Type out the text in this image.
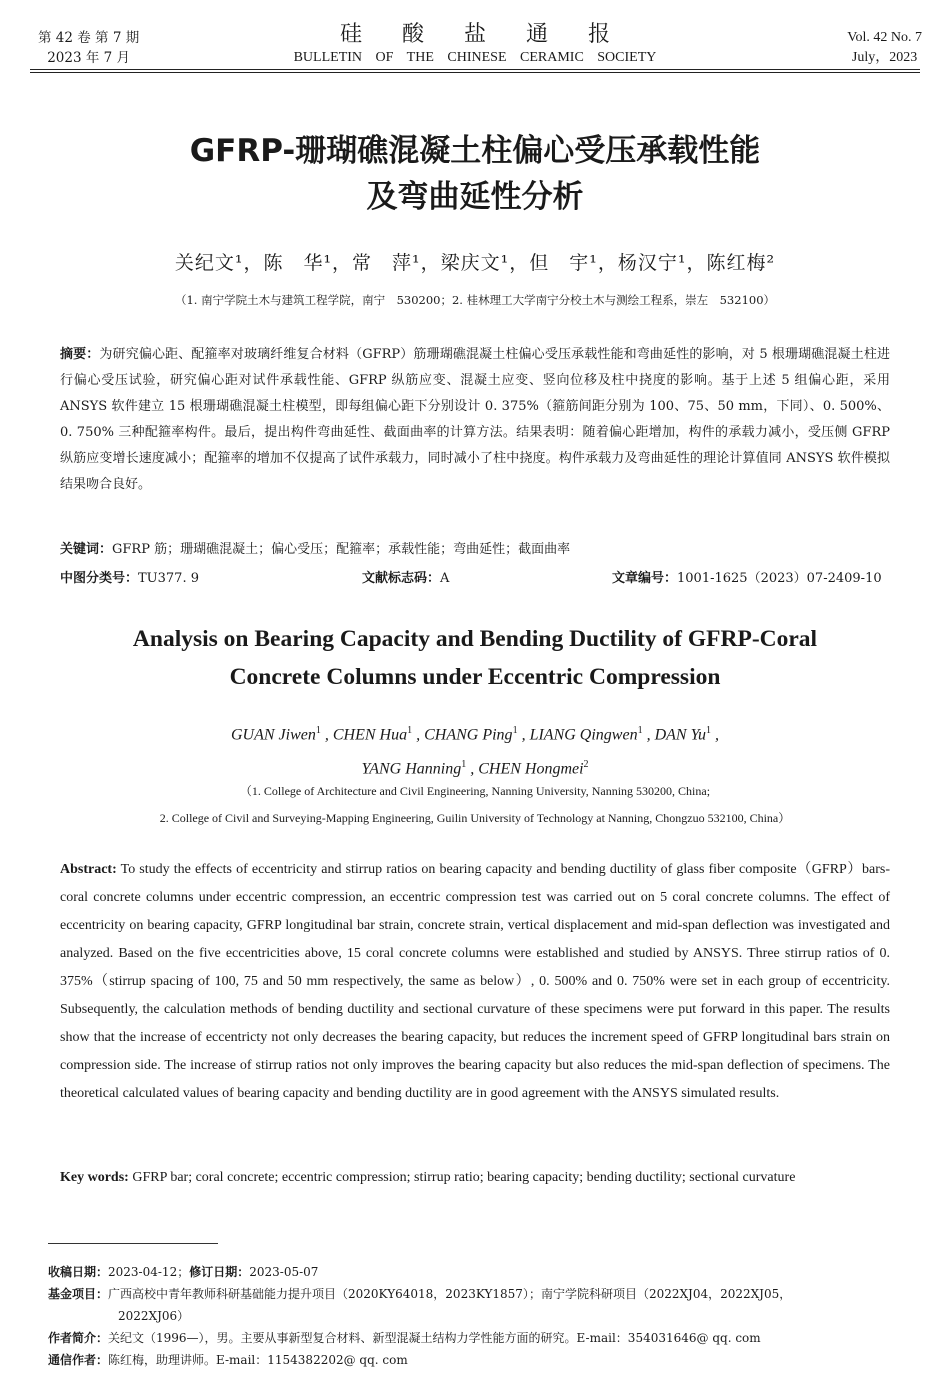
第 42 卷 第 7 期
2023 年 7 月
硅酸盐通报
BULLETIN OF THE CHINESE CERAMIC SOCIETY
Vol. 42 No. 7
July，2023
GFRP-珊瑚礁混凝土柱偏心受压承载性能
及弯曲延性分析
关纪文¹，陈　华¹，常　萍¹，梁庆文¹，但　宇¹，杨汉宁¹，陈红梅²
（1. 南宁学院土木与建筑工程学院，南宁　530200；2. 桂林理工大学南宁分校土木与测绘工程系，崇左　532100）
摘要：为研究偏心距、配箍率对玻璃纤维复合材料（GFRP）筋珊瑚礁混凝土柱偏心受压承载性能和弯曲延性的影响，对 5 根珊瑚礁混凝土柱进行偏心受压试验，研究偏心距对试件承载性能、GFRP 纵筋应变、混凝土应变、竖向位移及柱中挠度的影响。基于上述 5 组偏心距，采用 ANSYS 软件建立 15 根珊瑚礁混凝土柱模型，即每组偏心距下分别设计 0. 375%（箍筋间距分别为 100、75、50 mm，下同）、0. 500%、0. 750% 三种配箍率构件。最后，提出构件弯曲延性、截面曲率的计算方法。结果表明：随着偏心距增加，构件的承载力减小，受压侧 GFRP 纵筋应变增长速度减小；配箍率的增加不仅提高了试件承载力，同时减小了柱中挠度。构件承载力及弯曲延性的理论计算值同 ANSYS 软件模拟结果吻合良好。
关键词：GFRP 筋；珊瑚礁混凝土；偏心受压；配箍率；承载性能；弯曲延性；截面曲率
中图分类号：TU377. 9	文献标志码：A	文章编号：1001-1625（2023）07-2409-10
Analysis on Bearing Capacity and Bending Ductility of GFRP-Coral
Concrete Columns under Eccentric Compression
GUAN Jiwen$^1$ , CHEN Hua$^1$ , CHANG Ping$^1$ , LIANG Qingwen$^1$ , DAN Yu$^1$ ,
YANG Hanning$^1$ , CHEN Hongmei$^2$
（1. College of Architecture and Civil Engineering, Nanning University, Nanning 530200, China;
2. College of Civil and Surveying-Mapping Engineering, Guilin University of Technology at Nanning, Chongzuo 532100, China）
Abstract: To study the effects of eccentricity and stirrup ratios on bearing capacity and bending ductility of glass fiber composite（GFRP）bars-coral concrete columns under eccentric compression, an eccentric compression test was carried out on 5 coral concrete columns. The effect of eccentricity on bearing capacity, GFRP longitudinal bar strain, concrete strain, vertical displacement and mid-span deflection was investigated and analyzed. Based on the five eccentricities above, 15 coral concrete columns were established and studied by ANSYS. Three stirrup ratios of 0. 375%（stirrup spacing of 100, 75 and 50 mm respectively, the same as below）, 0. 500% and 0. 750% were set in each group of eccentricity. Subsequently, the calculation methods of bending ductility and sectional curvature of these specimens were put forward in this paper. The results show that the increase of eccentricty not only decreases the bearing capacity, but reduces the increment speed of GFRP longitudinal bars strain on compression side. The increase of stirrup ratios not only improves the bearing capacity but also reduces the mid-span deflection of specimens. The theoretical calculated values of bearing capacity and bending ductility are in good agreement with the ANSYS simulated results.
Key words: GFRP bar; coral concrete; eccentric compression; stirrup ratio; bearing capacity; bending ductility; sectional curvature
收稿日期：2023-04-12；修订日期：2023-05-07
基金项目：广西高校中青年教师科研基础能力提升项目（2020KY64018，2023KY1857）；南宁学院科研项目（2022XJ04，2022XJ05，
2022XJ06）
作者简介：关纪文（1996—），男。主要从事新型复合材料、新型混凝土结构力学性能方面的研究。E-mail：354031646@ qq. com
通信作者：陈红梅，助理讲师。E-mail：1154382202@ qq. com
